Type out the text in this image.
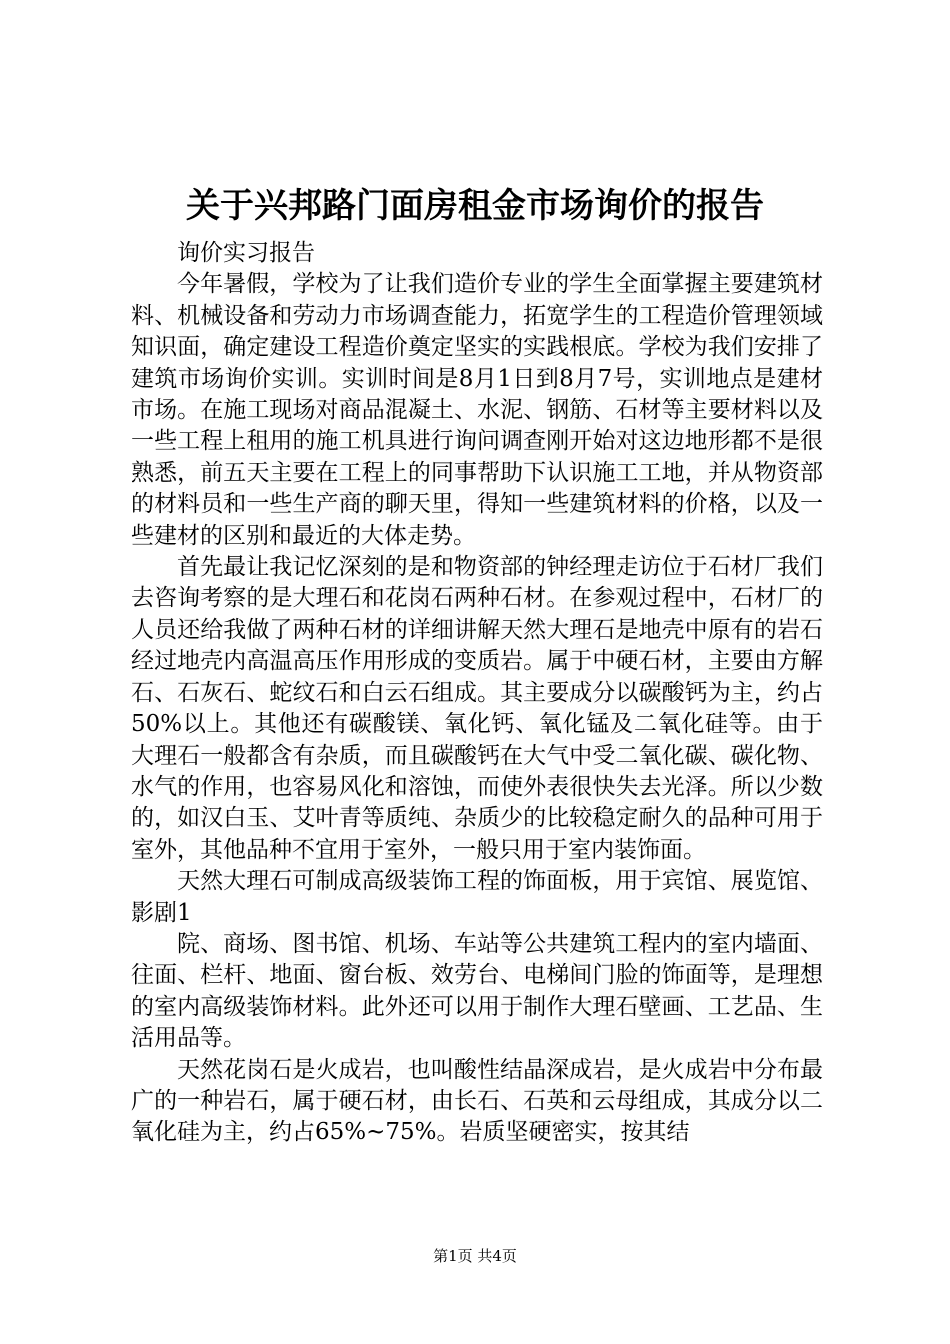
关于兴邦路门面房租金市场询价的报告

询价实习报告

今年暑假，学校为了让我们造价专业的学生全面掌握主要建筑材料、机械设备和劳动力市场调查能力，拓宽学生的工程造价管理领域知识面，确定建设工程造价奠定坚实的实践根底。学校为我们安排了建筑市场询价实训。实训时间是8月1日到8月7号，实训地点是建材市场。在施工现场对商品混凝土、水泥、钢筋、石材等主要材料以及一些工程上租用的施工机具进行询问调查刚开始对这边地形都不是很熟悉，前五天主要在工程上的同事帮助下认识施工工地，并从物资部的材料员和一些生产商的聊天里，得知一些建筑材料的价格，以及一些建材的区别和最近的大体走势。

首先最让我记忆深刻的是和物资部的钟经理走访位于石材厂我们去咨询考察的是大理石和花岗石两种石材。在参观过程中，石材厂的人员还给我做了两种石材的详细讲解天然大理石是地壳中原有的岩石经过地壳内高温高压作用形成的变质岩。属于中硬石材，主要由方解石、石灰石、蛇纹石和白云石组成。其主要成分以碳酸钙为主，约占50%以上。其他还有碳酸镁、氧化钙、氧化锰及二氧化硅等。由于大理石一般都含有杂质，而且碳酸钙在大气中受二氧化碳、碳化物、水气的作用，也容易风化和溶蚀，而使外表很快失去光泽。所以少数的，如汉白玉、艾叶青等质纯、杂质少的比较稳定耐久的品种可用于室外，其他品种不宜用于室外，一般只用于室内装饰面。

天然大理石可制成高级装饰工程的饰面板，用于宾馆、展览馆、影剧1

院、商场、图书馆、机场、车站等公共建筑工程内的室内墙面、往面、栏杆、地面、窗台板、效劳台、电梯间门脸的饰面等，是理想的室内高级装饰材料。此外还可以用于制作大理石壁画、工艺品、生活用品等。

天然花岗石是火成岩，也叫酸性结晶深成岩，是火成岩中分布最广的一种岩石，属于硬石材，由长石、石英和云母组成，其成分以二氧化硅为主，约占65%~75%。岩质坚硬密实，按其结

第1页 共4页
